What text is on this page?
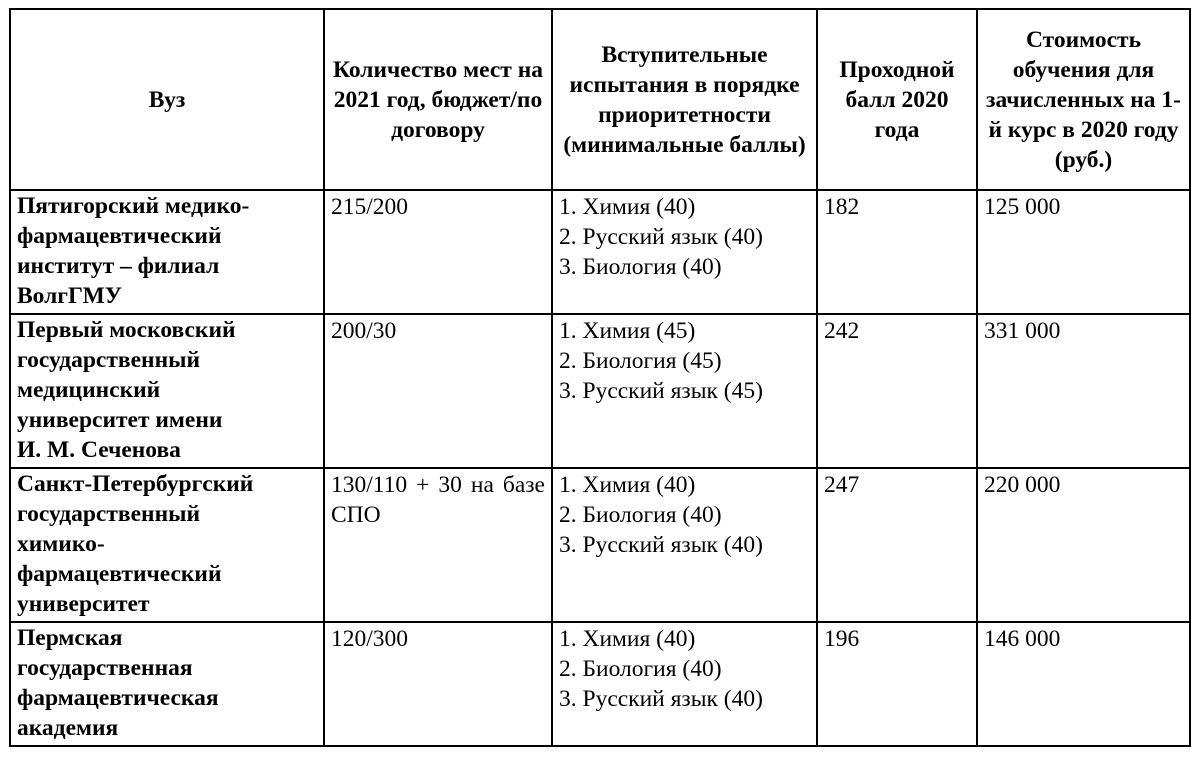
Вуз	Количество мест на 2021 год, бюджет/по договору	Вступительные испытания в порядке приоритетности (минимальные баллы)	Проходной балл 2020 года	Стоимость обучения для зачисленных на 1-й курс в 2020 году (руб.)
Пятигорский медико-
фармацевтический
институт – филиал
ВолгГМУ	215/200	1. Химия (40)
2. Русский язык (40)
3. Биология (40)	182	125 000
Первый московский
государственный
медицинский
университет имени
И. М. Сеченова	200/30	1. Химия (45)
2. Биология (45)
3. Русский язык (45)	242	331 000
Санкт-Петербургский
государственный
химико-
фармацевтический
университет	130/110 + 30 на базе СПО	1. Химия (40)
2. Биология (40)
3. Русский язык (40)	247	220 000
Пермская
государственная
фармацевтическая
академия	120/300	1. Химия (40)
2. Биология (40)
3. Русский язык (40)	196	146 000
